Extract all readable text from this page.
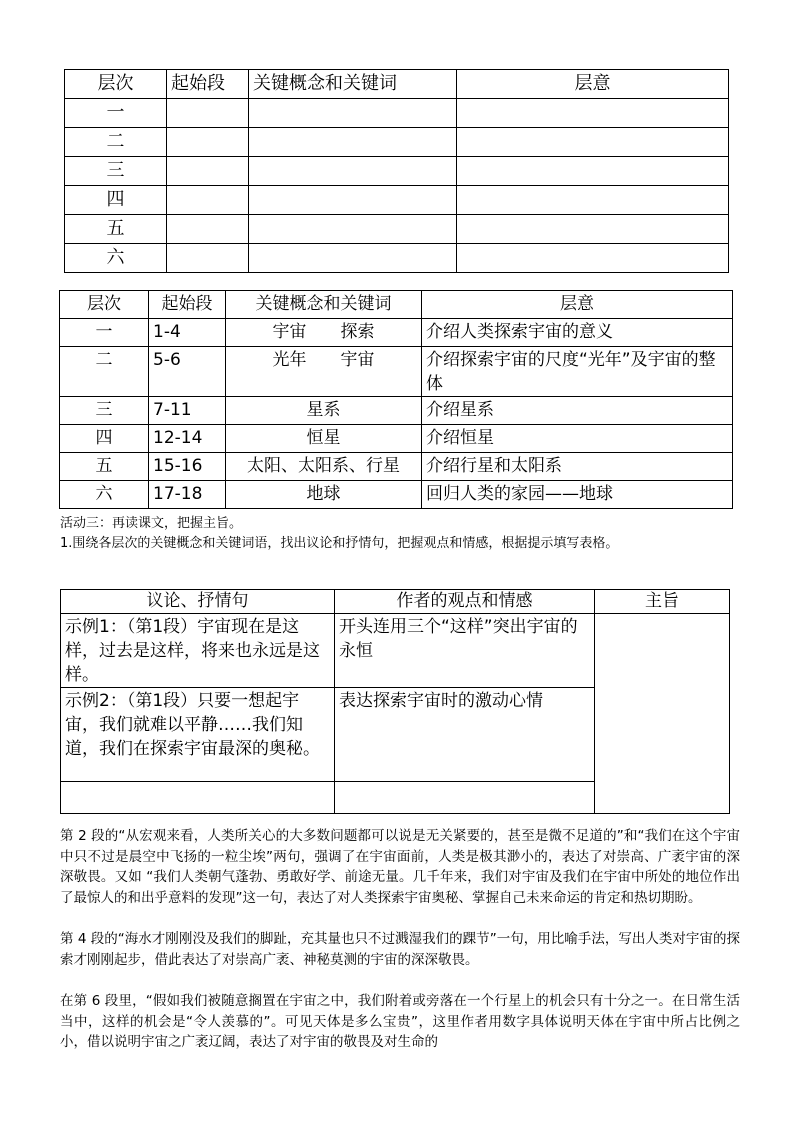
层次	起始段	关键概念和关键词	层意
一			
二			
三			
四			
五			
六			
层次	起始段	关键概念和关键词	层意
一	1-4	宇宙　　探索	介绍人类探索宇宙的意义
二	5-6	光年　　宇宙	介绍探索宇宙的尺度“光年”及宇宙的整体
三	7-11	星系	介绍星系
四	12-14	恒星	介绍恒星
五	15-16	太阳、太阳系、行星	介绍行星和太阳系
六	17-18	地球	回归人类的家园——地球
活动三：再读课文，把握主旨。
1.围绕各层次的关键概念和关键词语，找出议论和抒情句，把握观点和情感，根据提示填写表格。
议论、抒情句	作者的观点和情感	主旨
示例1：（第1段）宇宙现在是这样，过去是这样，将来也永远是这样。	开头连用三个“这样”突出宇宙的永恒	
示例2：（第1段）只要一想起宇宙，我们就难以平静……我们知道，我们在探索宇宙最深的奥秘。	表达探索宇宙时的激动心情	

第 2 段的“从宏观来看，人类所关心的大多数问题都可以说是无关紧要的，甚至是微不足道的”和“我们在这个宇宙中只不过是晨空中飞扬的一粒尘埃”两句，强调了在宇宙面前，人类是极其渺小的，表达了对崇高、广袤宇宙的深深敬畏。又如 “我们人类朝气蓬勃、勇敢好学、前途无量。几千年来，我们对宇宙及我们在宇宙中所处的地位作出了最惊人的和出乎意料的发现”这一句，表达了对人类探索宇宙奥秘、掌握自己未来命运的肯定和热切期盼。
第 4 段的“海水才刚刚没及我们的脚趾，充其量也只不过溅湿我们的踝节”一句，用比喻手法，写出人类对宇宙的探索才刚刚起步，借此表达了对崇高广袤、神秘莫测的宇宙的深深敬畏。
在第 6 段里，“假如我们被随意搁置在宇宙之中，我们附着或旁落在一个行星上的机会只有十分之一。在日常生活当中，这样的机会是“令人羡慕的”。可见天体是多么宝贵”，这里作者用数字具体说明天体在宇宙中所占比例之小，借以说明宇宙之广袤辽阔，表达了对宇宙的敬畏及对生命的
